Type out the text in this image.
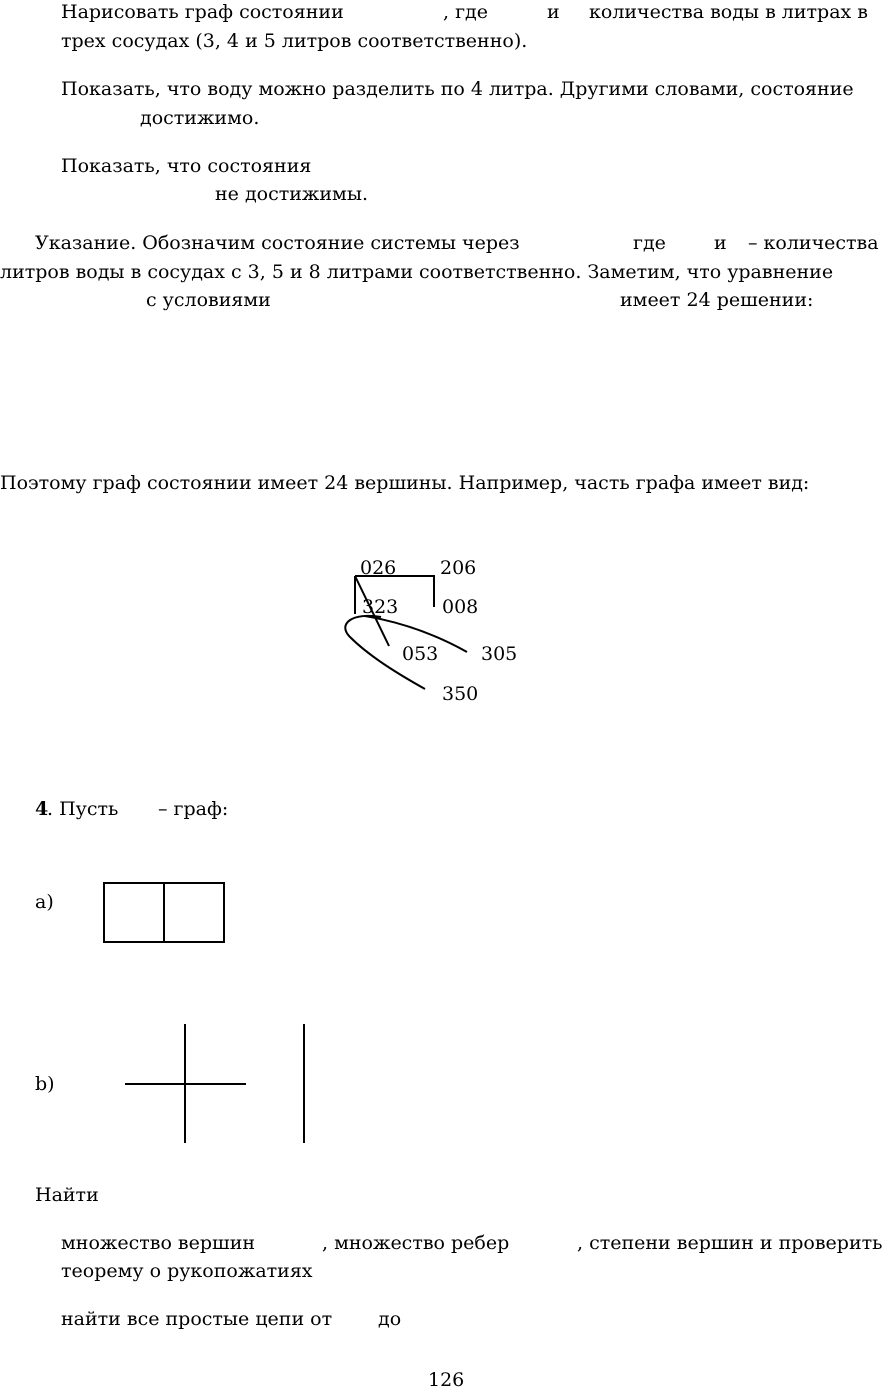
Нарисовать граф состоянии	, где	и количества воды в литрах в
трех сосудах (3, 4 и 5 литров соответственно).
Показать, что воду можно разделить по 4 литра. Другими словами, состояние
достижимо.
Показать, что состояния
не достижимы.
Указание. Обозначим состояние системы через	где	и – количества
литров воды в сосудах с 3, 5 и 8 литрами соответственно. Заметим, что уравнение
с условиями	имеет 24 решении:
Поэтому граф состоянии имеет 24 вершины. Например, часть графа имеет вид:
026 206
323 008
053 305
350
4
. Пусть – граф:
a)
b)
Найти
множество вершин	, множество ребер	, степени вершин и проверить
теорему о рукопожатиях
найти все простые цепи от до
126
